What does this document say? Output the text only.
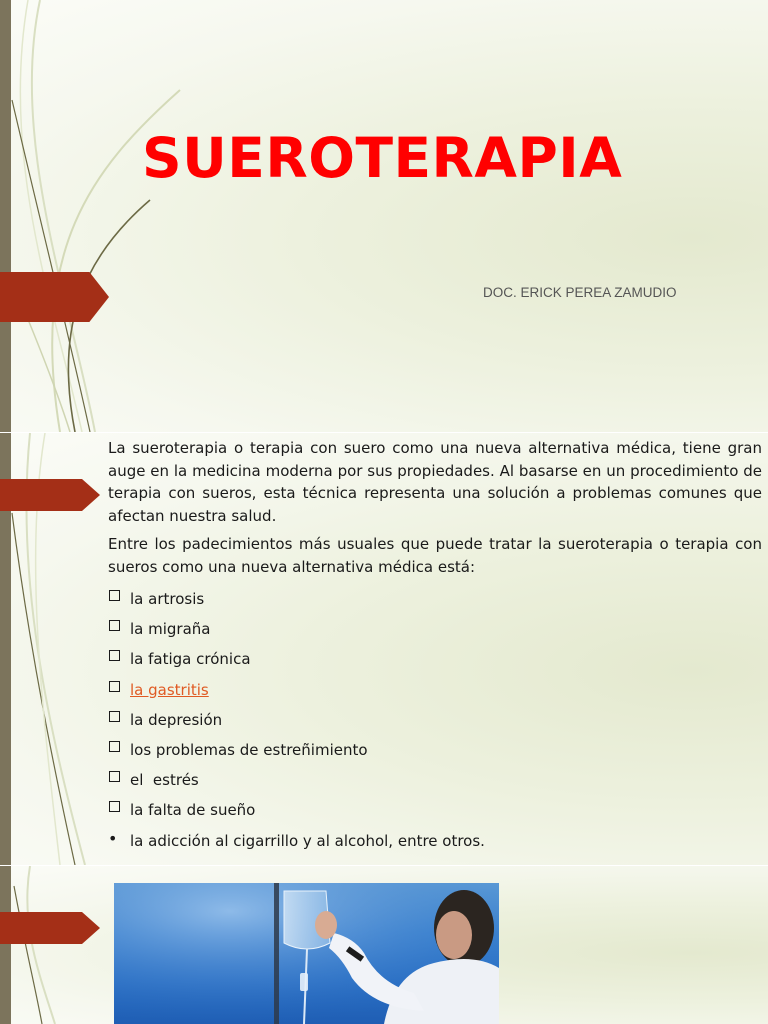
SUEROTERAPIA
DOC. ERICK PEREA ZAMUDIO

La sueroterapia o terapia con suero como una nueva alternativa médica, tiene gran auge en la medicina moderna por sus propiedades. Al basarse en un procedimiento de terapia con sueros, esta técnica representa una solución a problemas comunes que afectan nuestra salud.

Entre los padecimientos más usuales que puede tratar la sueroterapia o terapia con sueros como una nueva alternativa médica está:

la artrosis
la migraña
la fatiga crónica
la gastritis
la depresión
los problemas de estreñimiento
el  estrés
la falta de sueño
• la adicción al cigarrillo y al alcohol, entre otros.
